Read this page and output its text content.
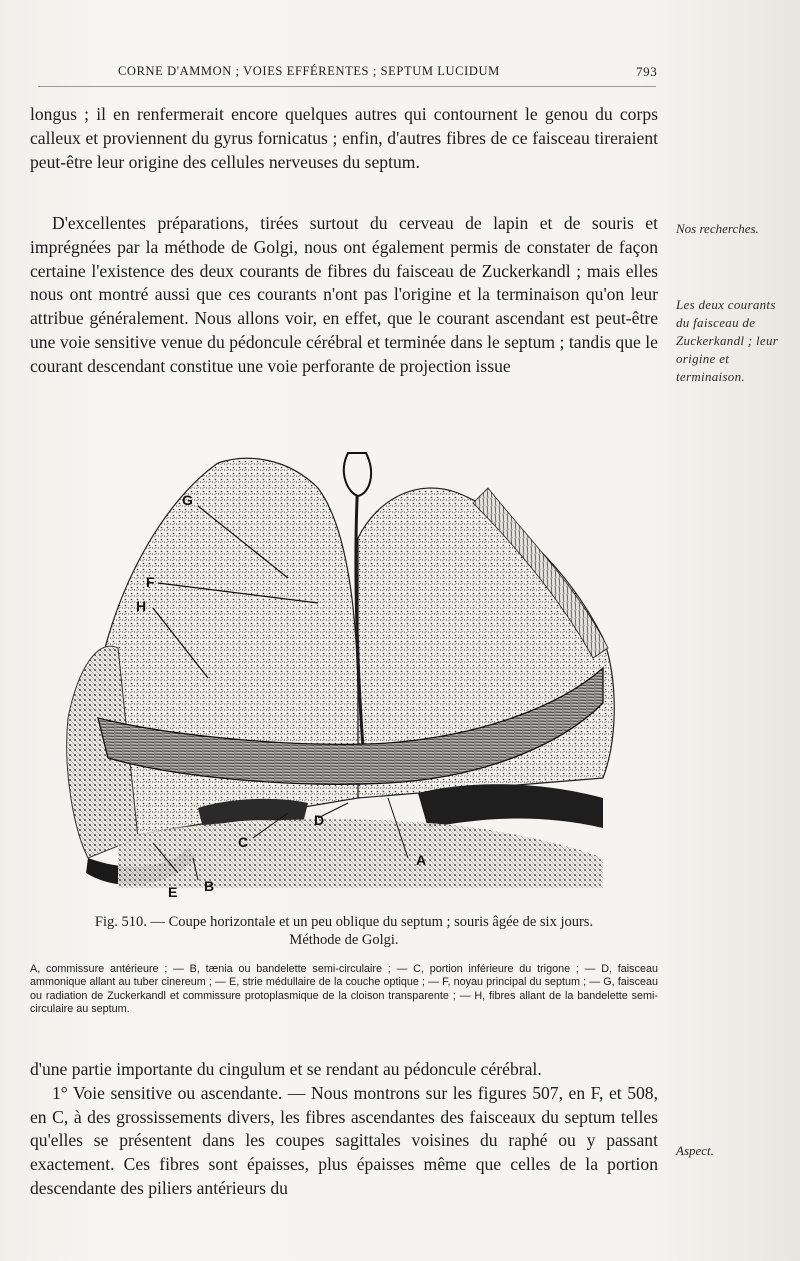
CORNE D'AMMON ; VOIES EFFÉRENTES ; SEPTUM LUCIDUM	793

longus ; il en renfermerait encore quelques autres qui contournent le genou du corps calleux et proviennent du gyrus fornicatus ; enfin, d'autres fibres de ce faisceau tireraient peut-être leur origine des cellules nerveuses du septum.

D'excellentes préparations, tirées surtout du cerveau de lapin et de souris et imprégnées par la méthode de Golgi, nous ont également permis de constater de façon certaine l'existence des deux courants de fibres du faisceau de Zuckerkandl ; mais elles nous ont montré aussi que ces courants n'ont pas l'origine et la terminaison qu'on leur attribue généralement. Nous allons voir, en effet, que le courant ascendant est peut-être une voie sensitive venue du pédoncule cérébral et terminée dans le septum ; tandis que le courant descendant constitue une voie perforante de projection issue

Nos recherches.
Les deux courants du faisceau de Zuckerkandl ; leur origine et terminaison.
G
F
H
D
C
A
E B
Fig. 510. — Coupe horizontale et un peu oblique du septum ; souris âgée de six jours.
Méthode de Golgi.
A, commissure antérieure ; — B, tænia ou bandelette semi-circulaire ; — C, portion inférieure du trigone ; — D, faisceau ammonique allant au tuber cinereum ; — E, strie médullaire de la couche optique ; — F, noyau principal du septum ; — G, faisceau ou radiation de Zuckerkandl et commissure protoplasmique de la cloison transparente ; — H, fibres allant de la bandelette semi-circulaire au septum.

d'une partie importante du cingulum et se rendant au pédoncule cérébral.

1° Voie sensitive ou ascendante. — Nous montrons sur les figures 507, en F, et 508, en C, à des grossissements divers, les fibres ascendantes des faisceaux du septum telles qu'elles se présentent dans les coupes sagittales voisines du raphé ou y passant exactement. Ces fibres sont épaisses, plus épaisses même que celles de la portion descendante des piliers antérieurs du

Aspect.
